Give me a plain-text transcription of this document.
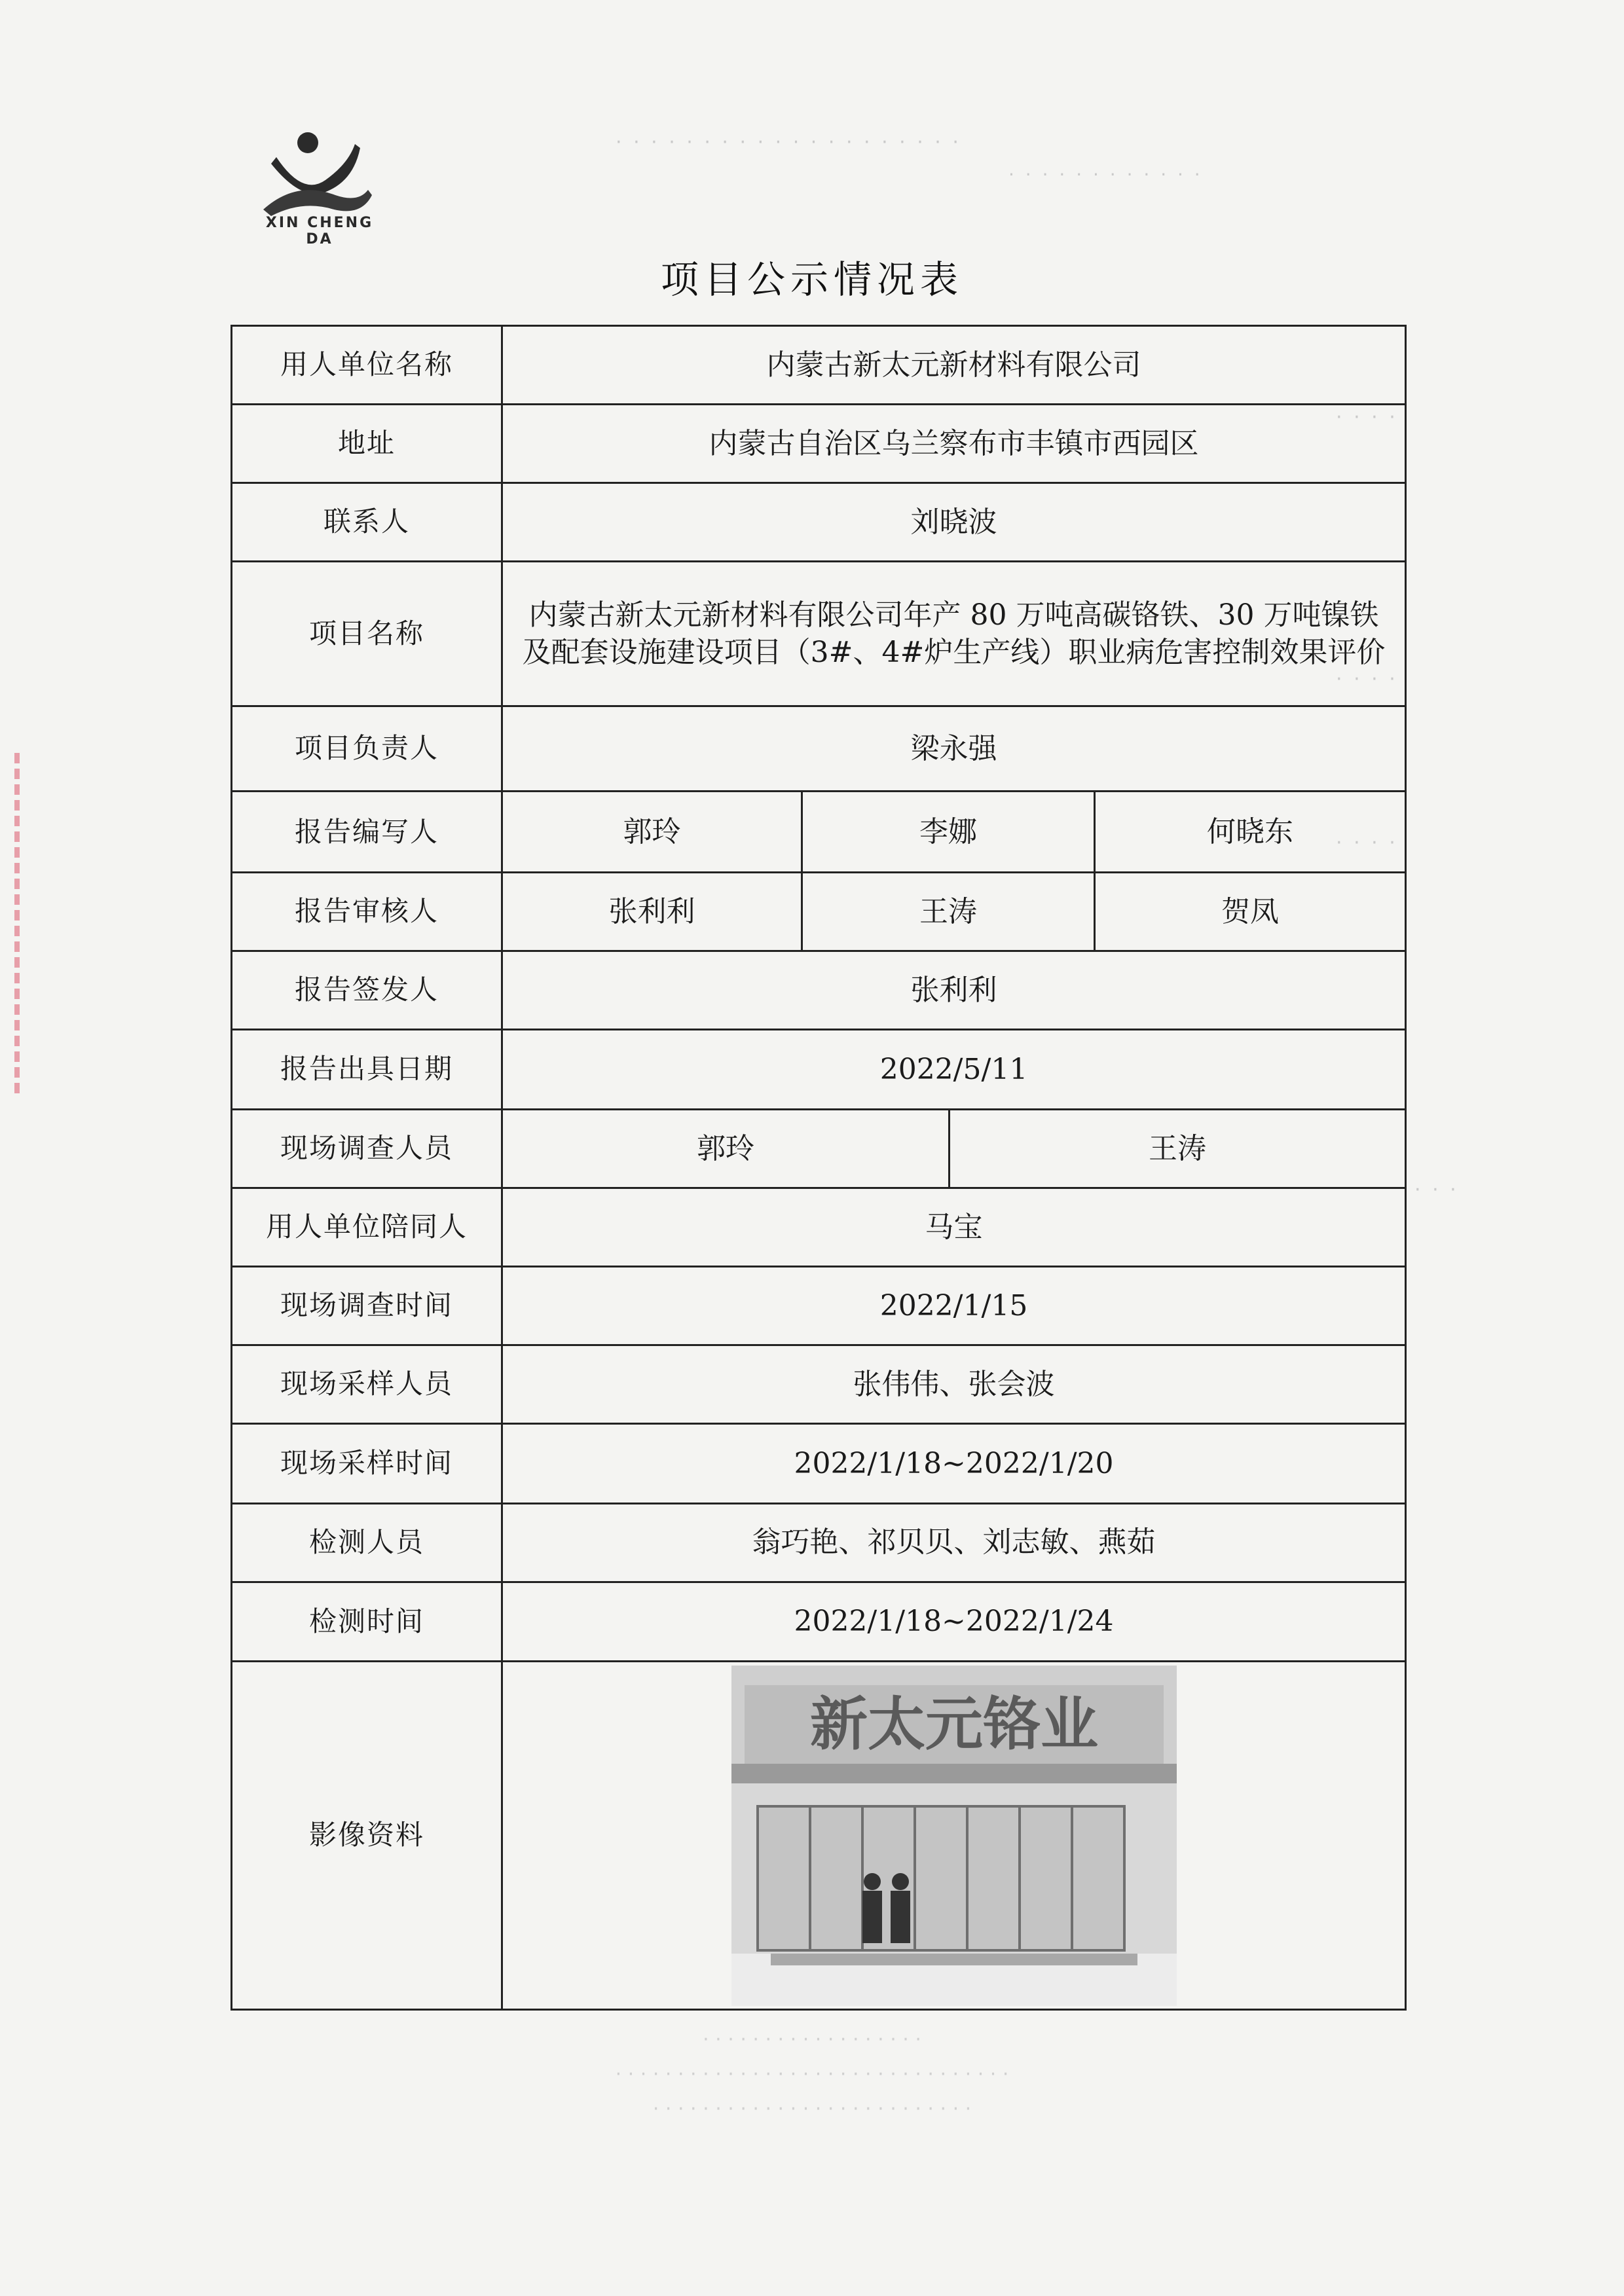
· · · · · · · · · · · · · · · · · · · ·
· · · · · · · · · · · ·
· · · ·
· · · ·
· · · ·
· · ·
XIN CHENG DA
项目公示情况表
用人单位名称	内蒙古新太元新材料有限公司			
地址	内蒙古自治区乌兰察布市丰镇市西园区			
联系人	刘晓波			
项目名称	内蒙古新太元新材料有限公司年产 80 万吨高碳铬铁、30 万吨镍铁及配套设施建设项目（3#、4#炉生产线）职业病危害控制效果评价			
项目负责人	梁永强			
报告编写人	郭玲	李娜		何晓东
报告审核人	张利利	王涛		贺凤
报告签发人	张利利			
报告出具日期	2022/5/11			
现场调查人员	郭玲		王涛	
用人单位陪同人	马宝			
现场调查时间	2022/1/15			
现场采样人员	张伟伟、张会波			
现场采样时间	2022/1/18~2022/1/20			
检测人员	翁巧艳、祁贝贝、刘志敏、燕茹			
检测时间	2022/1/18~2022/1/24			
影像资料	新太元铬业			
· · · · · · · · · · · · · · · · · ·
· · · · · · · · · · · · · · · · · · · · · · · · · · · · · · · ·
· · · · · · · · · · · · · · · · · · · · · · · · · ·
